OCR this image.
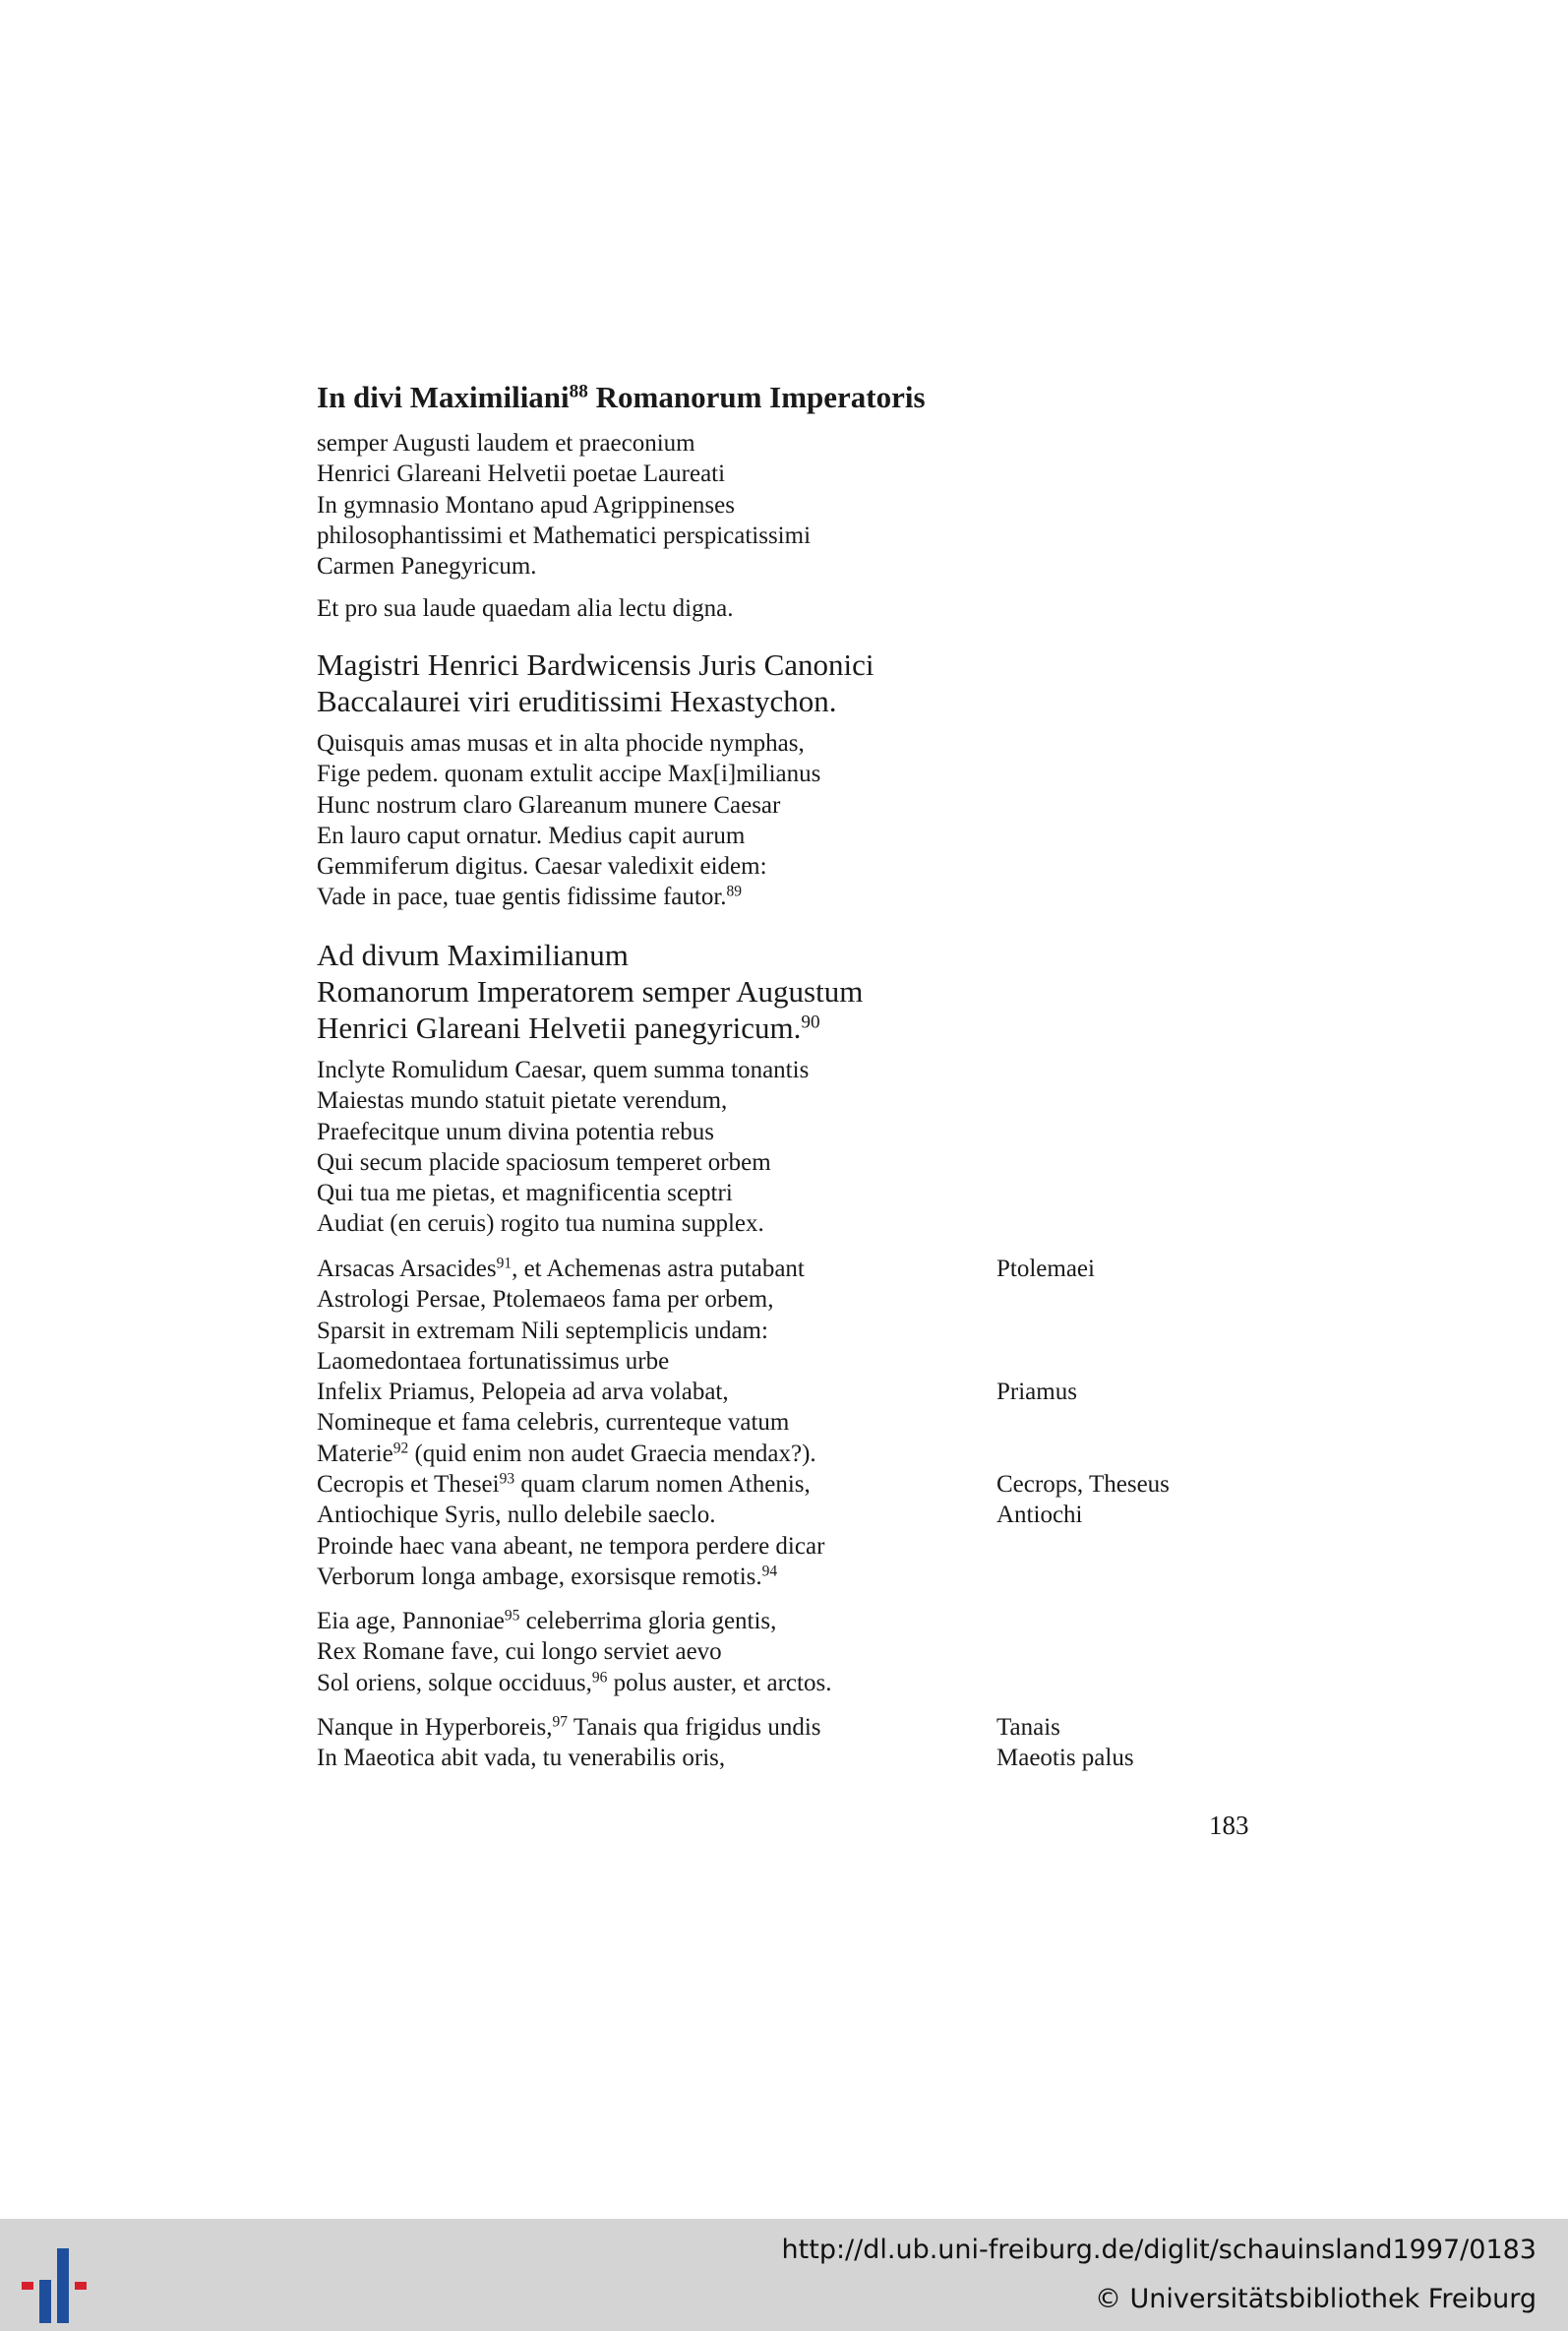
In divi Maximiliani$^{88}$ Romanorum Imperatoris
semper Augusti laudem et praeconium
Henrici Glareani Helvetii poetae Laureati
In gymnasio Montano apud Agrippinenses
philosophantissimi et Mathematici perspicatissimi
Carmen Panegyricum.
Et pro sua laude quaedam alia lectu digna.
Magistri Henrici Bardwicensis Juris Canonici
Baccalaurei viri eruditissimi Hexastychon.
Quisquis amas musas et in alta phocide nymphas,
Fige pedem. quonam extulit accipe Max[i]milianus
Hunc nostrum claro Glareanum munere Caesar
En lauro caput ornatur. Medius capit aurum
Gemmiferum digitus. Caesar valedixit eidem:
Vade in pace, tuae gentis fidissime fautor.$^{89}$
Ad divum Maximilianum
Romanorum Imperatorem semper Augustum
Henrici Glareani Helvetii panegyricum.$^{90}$
Inclyte Romulidum Caesar, quem summa tonantis
Maiestas mundo statuit pietate verendum,
Praefecitque unum divina potentia rebus
Qui secum placide spaciosum temperet orbem
Qui tua me pietas, et magnificentia sceptri
Audiat (en ceruis) rogito tua numina supplex.
Arsacas Arsacides$^{91}$, et Achemenas astra putabant	Ptolemaei
Astrologi Persae, Ptolemaeos fama per orbem,
Sparsit in extremam Nili septemplicis undam:
Laomedontaea fortunatissimus urbe
Infelix Priamus, Pelopeia ad arva volabat,	Priamus
Nomineque et fama celebris, currenteque vatum
Materie$^{92}$ (quid enim non audet Graecia mendax?).
Cecropis et Thesei$^{93}$ quam clarum nomen Athenis,	Cecrops, Theseus
Antiochique Syris, nullo delebile saeclo.	Antiochi
Proinde haec vana abeant, ne tempora perdere dicar
Verborum longa ambage, exorsisque remotis.$^{94}$
Eia age, Pannoniae$^{95}$ celeberrima gloria gentis,
Rex Romane fave, cui longo serviet aevo
Sol oriens, solque occiduus,$^{96}$ polus auster, et arctos.
Nanque in Hyperboreis,$^{97}$ Tanais qua frigidus undis	Tanais
In Maeotica abit vada, tu venerabilis oris,	Maeotis palus
183
http://dl.ub.uni-freiburg.de/diglit/schauinsland1997/0183
© Universitätsbibliothek Freiburg
